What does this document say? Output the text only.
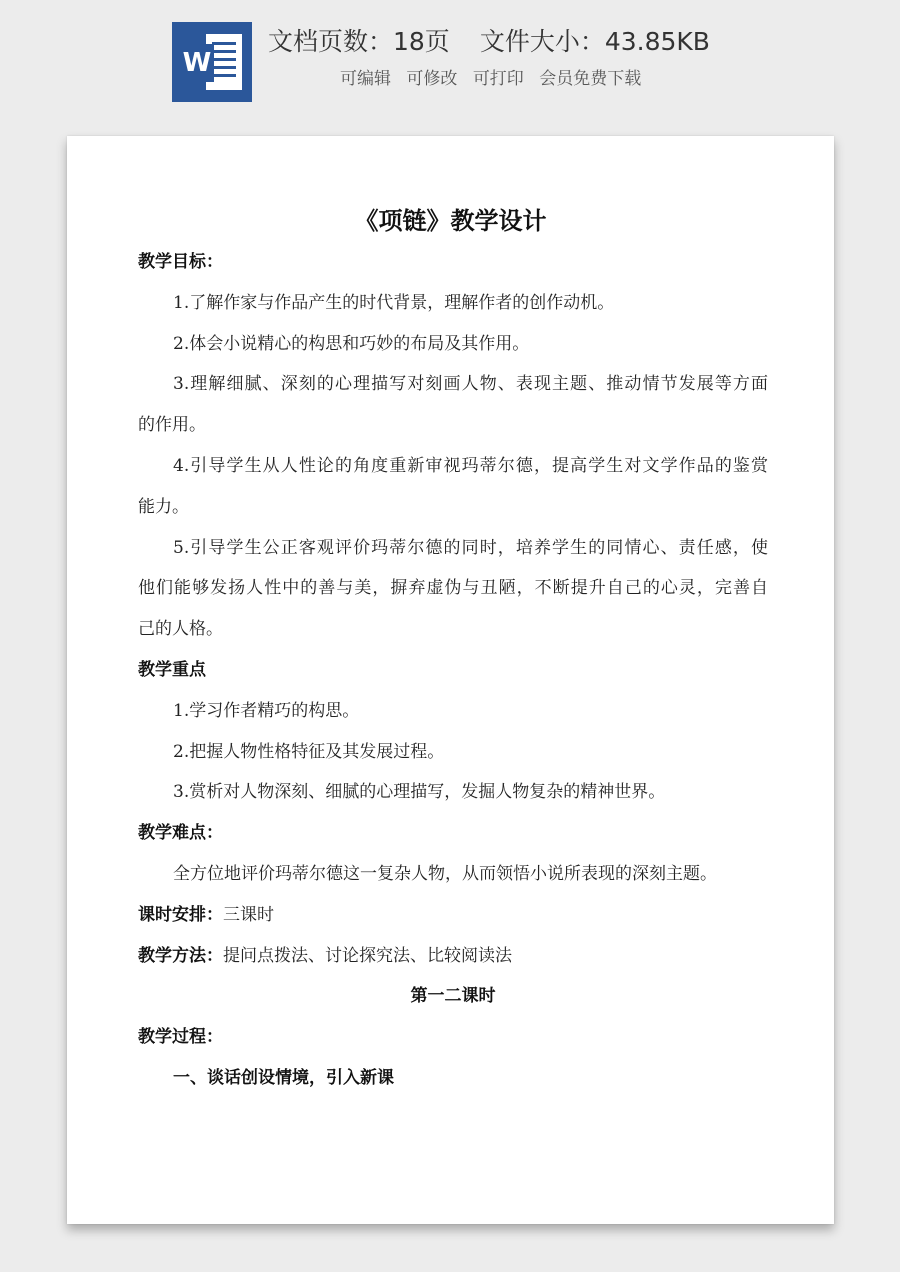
W
文档页数：18页 文件大小：43.85KB
可编辑 可修改 可打印 会员免费下载
《项链》教学设计
教学目标：
1.了解作家与作品产生的时代背景，理解作者的创作动机。
2.体会小说精心的构思和巧妙的布局及其作用。
3.理解细腻、深刻的心理描写对刻画人物、表现主题、推动情节发展等方面
的作用。
4.引导学生从人性论的角度重新审视玛蒂尔德，提高学生对文学作品的鉴赏
能力。
5.引导学生公正客观评价玛蒂尔德的同时，培养学生的同情心、责任感，使
他们能够发扬人性中的善与美，摒弃虚伪与丑陋，不断提升自己的心灵，完善自
己的人格。
教学重点
1.学习作者精巧的构思。
2.把握人物性格特征及其发展过程。
3.赏析对人物深刻、细腻的心理描写，发掘人物复杂的精神世界。
教学难点：
全方位地评价玛蒂尔德这一复杂人物，从而领悟小说所表现的深刻主题。
课时安排：三课时
教学方法：提问点拨法、讨论探究法、比较阅读法
第一二课时
教学过程：
一、谈话创设情境，引入新课
